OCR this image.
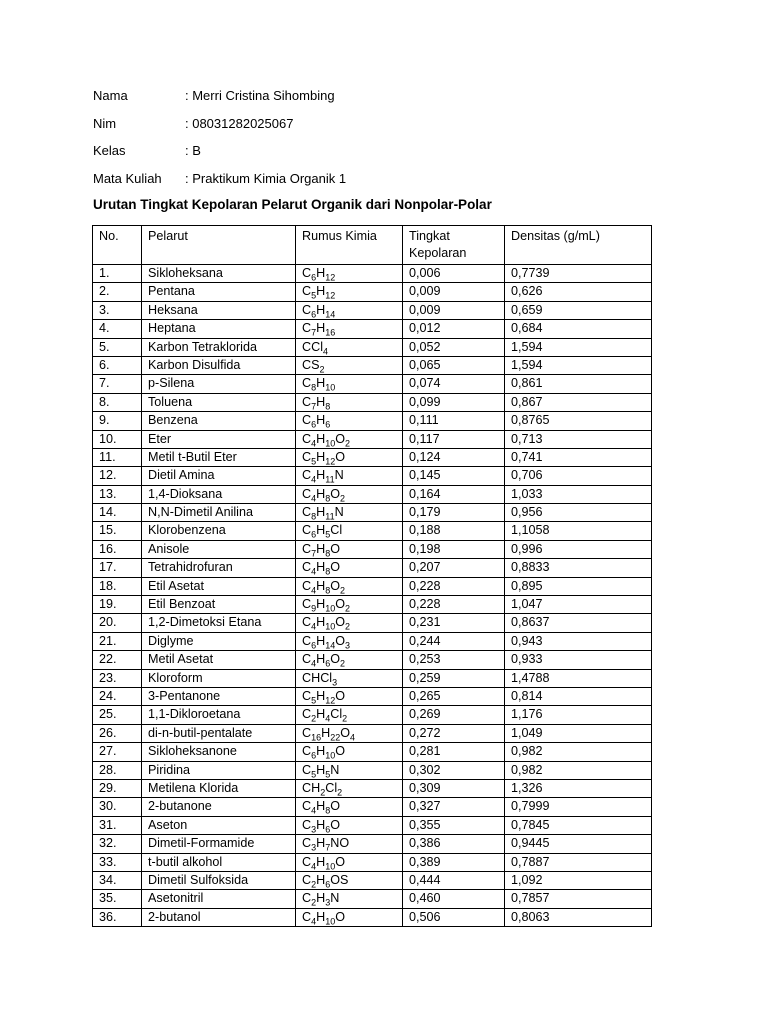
Nama	: Merri Cristina Sihombing
Nim	: 08031282025067
Kelas	: B
Mata Kuliah	: Praktikum Kimia Organik 1
Urutan Tingkat Kepolaran Pelarut Organik dari Nonpolar-Polar
No.	Pelarut	Rumus Kimia	Tingkat Kepolaran	Densitas (g/mL)
1.	Sikloheksana	$C_6H_{12}$	0,006	0,7739
2.	Pentana	$C_5H_{12}$	0,009	0,626
3.	Heksana	$C_6H_{14}$	0,009	0,659
4.	Heptana	$C_7H_{16}$	0,012	0,684
5.	Karbon Tetraklorida	CCl$_4$	0,052	1,594
6.	Karbon Disulfida	$CS_2$	0,065	1,594
7.	p-Silena	$C_8H_{10}$	0,074	0,861
8.	Toluena	$C_7H_8$	0,099	0,867
9.	Benzena	$C_6H_6$	0,111	0,8765
10.	Eter	$C_4H_{10}O_2$	0,117	0,713
11.	Metil t-Butil Eter	$C_5H_{12}O$	0,124	0,741
12.	Dietil Amina	$C_4H_{11}N$	0,145	0,706
13.	1,4-Dioksana	$C_4H_8O_2$	0,164	1,033
14.	N,N-Dimetil Anilina	$C_8H_{11}N$	0,179	0,956
15.	Klorobenzena	$C_6H_5Cl$	0,188	1,1058
16.	Anisole	$C_7H_8O$	0,198	0,996
17.	Tetrahidrofuran	$C_4H_8O$	0,207	0,8833
18.	Etil Asetat	$C_4H_8O_2$	0,228	0,895
19.	Etil Benzoat	$C_9H_{10}O_2$	0,228	1,047
20.	1,2-Dimetoksi Etana	$C_4H_{10}O_2$	0,231	0,8637
21.	Diglyme	$C_6H_{14}O_3$	0,244	0,943
22.	Metil Asetat	$C_4H_6O_2$	0,253	0,933
23.	Kloroform	CHCl$_3$	0,259	1,4788
24.	3-Pentanone	$C_5H_{12}O$	0,265	0,814
25.	1,1-Dikloroetana	$C_2H_4Cl_2$	0,269	1,176
26.	di-n-butil-pentalate	$C_{16}H_{22}O_4$	0,272	1,049
27.	Sikloheksanone	$C_6H_{10}O$	0,281	0,982
28.	Piridina	$C_5H_5N$	0,302	0,982
29.	Metilena Klorida	$CH_2Cl_2$	0,309	1,326
30.	2-butanone	$C_4H_8O$	0,327	0,7999
31.	Aseton	$C_3H_6O$	0,355	0,7845
32.	Dimetil-Formamide	$C_3H_7NO$	0,386	0,9445
33.	t-butil alkohol	$C_4H_{10}O$	0,389	0,7887
34.	Dimetil Sulfoksida	$C_2H_6OS$	0,444	1,092
35.	Asetonitril	$C_2H_3N$	0,460	0,7857
36.	2-butanol	$C_4H_{10}O$	0,506	0,8063
